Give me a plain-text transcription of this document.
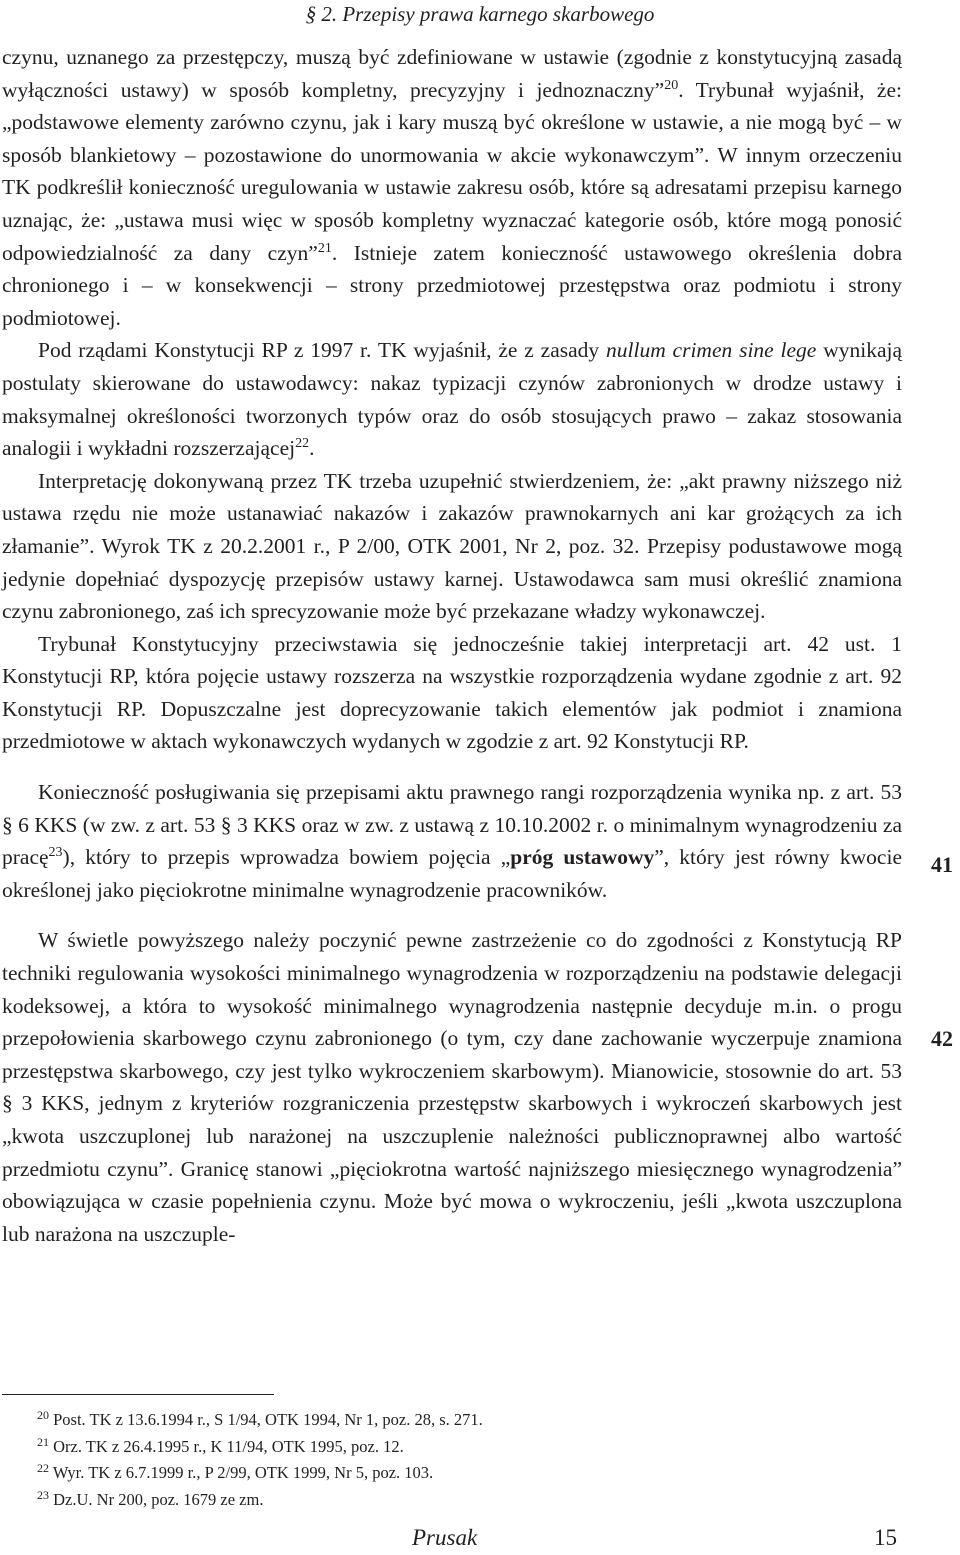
§ 2. Przepisy prawa karnego skarbowego

czynu, uznanego za przestępczy, muszą być zdefiniowane w ustawie (zgodnie z konstytucyjną zasadą wyłączności ustawy) w sposób kompletny, precyzyjny i jednoznaczny”$^{20}$. Trybunał wyjaśnił, że: „podstawowe elementy zarówno czynu, jak i kary muszą być określone w ustawie, a nie mogą być – w sposób blankietowy – pozostawione do unormowania w akcie wykonawczym”. W innym orzeczeniu TK podkreślił konieczność uregulowania w ustawie zakresu osób, które są adresatami przepisu karnego uznając, że: „ustawa musi więc w sposób kompletny wyznaczać kategorie osób, które mogą ponosić odpowiedzialność za dany czyn”$^{21}$. Istnieje zatem konieczność ustawowego określenia dobra chronionego i – w konsekwencji – strony przedmiotowej przestępstwa oraz podmiotu i strony podmiotowej.

Pod rządami Konstytucji RP z 1997 r. TK wyjaśnił, że z zasady nullum crimen sine lege wynikają postulaty skierowane do ustawodawcy: nakaz typizacji czynów zabronionych w drodze ustawy i maksymalnej określoności tworzonych typów oraz do osób stosujących prawo – zakaz stosowania analogii i wykładni rozszerzającej$^{22}$.

Interpretację dokonywaną przez TK trzeba uzupełnić stwierdzeniem, że: „akt prawny niższego niż ustawa rzędu nie może ustanawiać nakazów i zakazów prawnokarnych ani kar grożących za ich złamanie”. Wyrok TK z 20.2.2001 r., P 2/00, OTK 2001, Nr 2, poz. 32. Przepisy podustawowe mogą jedynie dopełniać dyspozycję przepisów ustawy karnej. Ustawodawca sam musi określić znamiona czynu zabronionego, zaś ich sprecyzowanie może być przekazane władzy wykonawczej.

Trybunał Konstytucyjny przeciwstawia się jednocześnie takiej interpretacji art. 42 ust. 1 Konstytucji RP, która pojęcie ustawy rozszerza na wszystkie rozporządzenia wydane zgodnie z art. 92 Konstytucji RP. Dopuszczalne jest doprecyzowanie takich elementów jak podmiot i znamiona przedmiotowe w aktach wykonawczych wydanych w zgodzie z art. 92 Konstytucji RP.

Konieczność posługiwania się przepisami aktu prawnego rangi rozporządzenia wynika np. z art. 53 § 6 KKS (w zw. z art. 53 § 3 KKS oraz w zw. z ustawą z 10.10.2002 r. o minimalnym wynagrodzeniu za pracę$^{23}$), który to przepis wprowadza bowiem pojęcia „próg ustawowy”, który jest równy kwocie określonej jako pięciokrotne minimalne wynagrodzenie pracowników.

W świetle powyższego należy poczynić pewne zastrzeżenie co do zgodności z Konstytucją RP techniki regulowania wysokości minimalnego wynagrodzenia w rozporządzeniu na podstawie delegacji kodeksowej, a która to wysokość minimalnego wynagrodzenia następnie decyduje m.in. o progu przepołowienia skarbowego czynu zabronionego (o tym, czy dane zachowanie wyczerpuje znamiona przestępstwa skarbowego, czy jest tylko wykroczeniem skarbowym). Mianowicie, stosownie do art. 53 § 3 KKS, jednym z kryteriów rozgraniczenia przestępstw skarbowych i wykroczeń skarbowych jest „kwota uszczuplonej lub narażonej na uszczuplenie należności publicznoprawnej albo wartość przedmiotu czynu”. Granicę stanowi „pięciokrotna wartość najniższego miesięcznego wynagrodzenia” obowiązująca w czasie popełnienia czynu. Może być mowa o wykroczeniu, jeśli „kwota uszczuplona lub narażona na uszczuple-

41
42
$^{20}$ Post. TK z 13.6.1994 r., S 1/94, OTK 1994, Nr 1, poz. 28, s. 271.
$^{21}$ Orz. TK z 26.4.1995 r., K 11/94, OTK 1995, poz. 12.
$^{22}$ Wyr. TK z 6.7.1999 r., P 2/99, OTK 1999, Nr 5, poz. 103.
$^{23}$ Dz.U. Nr 200, poz. 1679 ze zm.
Prusak	15
